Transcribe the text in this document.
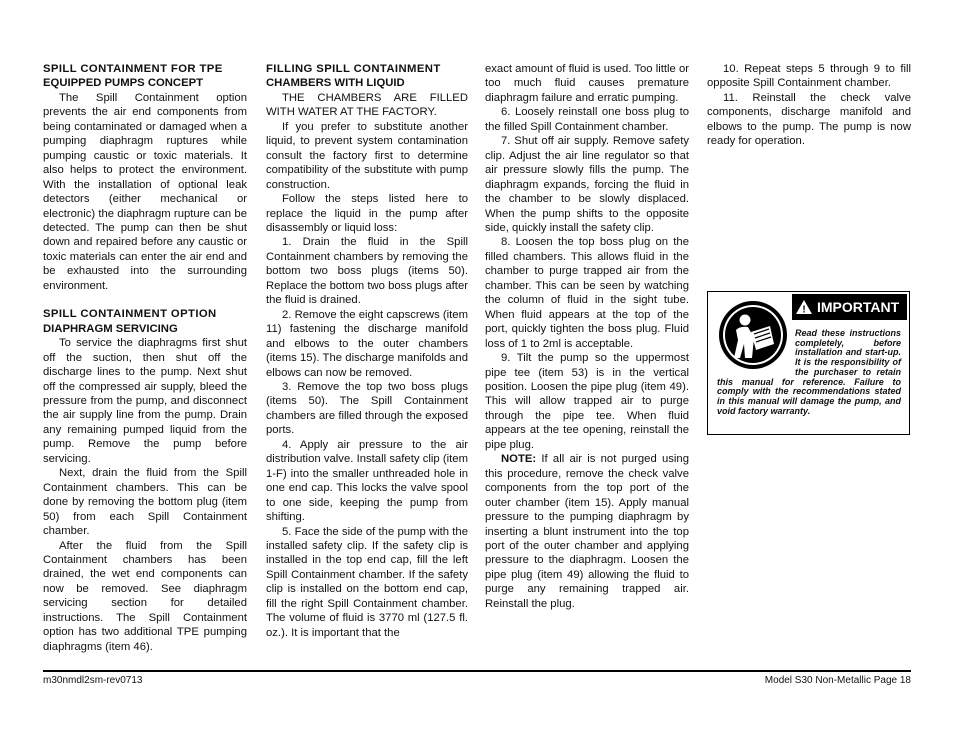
SPILL CONTAINMENT FOR TPE
EQUIPPED PUMPS CONCEPT

The Spill Containment option prevents the air end components from being contaminated or damaged when a pumping diaphragm ruptures while pumping caustic or toxic materials. It also helps to protect the environment. With the installation of optional leak detectors (either mechanical or electronic) the diaphragm rupture can be detected. The pump can then be shut down and repaired before any caustic or toxic materials can enter the air end and be exhausted into the surrounding environment.

SPILL CONTAINMENT OPTION
DIAPHRAGM SERVICING

To service the diaphragms first shut off the suction, then shut off the discharge lines to the pump. Next shut off the compressed air supply, bleed the pressure from the pump, and disconnect the air supply line from the pump. Drain any remaining pumped liquid from the pump. Remove the pump before servicing.

Next, drain the fluid from the Spill Containment chambers. This can be done by removing the bottom plug (item 50) from each Spill Containment chamber.

After the fluid from the Spill Containment chambers has been drained, the wet end components can now be removed. See diaphragm servicing section for detailed instructions. The Spill Containment option has two additional TPE pumping diaphragms (item 46).

FILLING SPILL CONTAINMENT
CHAMBERS WITH LIQUID

THE CHAMBERS ARE FILLED WITH WATER AT THE FACTORY.

If you prefer to substitute another liquid, to prevent system contamination consult the factory first to determine compatibility of the substitute with pump construction.

Follow the steps listed here to replace the liquid in the pump after disassembly or liquid loss:

1. Drain the fluid in the Spill Containment chambers by removing the bottom two boss plugs (items 50). Replace the bottom two boss plugs after the fluid is drained.

2. Remove the eight capscrews (item 11) fastening the discharge manifold and elbows to the outer chambers (items 15). The discharge manifolds and elbows can now be removed.

3. Remove the top two boss plugs (items 50). The Spill Containment chambers are filled through the exposed ports.

4. Apply air pressure to the air distribution valve. Install safety clip (item 1-F) into the smaller unthreaded hole in one end cap. This locks the valve spool to one side, keeping the pump from shifting.

5. Face the side of the pump with the installed safety clip. If the safety clip is installed in the top end cap, fill the left Spill Containment chamber. If the safety clip is installed on the bottom end cap, fill the right Spill Containment chamber. The volume of fluid is 3770 ml (127.5 fl. oz.). It is important that the

exact amount of fluid is used. Too little or too much fluid causes premature diaphragm failure and erratic pumping.

6. Loosely reinstall one boss plug to the filled Spill Containment chamber.

7. Shut off air supply. Remove safety clip. Adjust the air line regulator so that air pressure slowly fills the pump. The diaphragm expands, forcing the fluid in the chamber to be slowly displaced. When the pump shifts to the opposite side, quickly install the safety clip.

8. Loosen the top boss plug on the filled chambers. This allows fluid in the chamber to purge trapped air from the chamber. This can be seen by watching the column of fluid in the sight tube. When fluid appears at the top of the port, quickly tighten the boss plug. Fluid loss of 1 to 2ml is acceptable.

9. Tilt the pump so the uppermost pipe tee (item 53) is in the vertical position. Loosen the pipe plug (item 49). This will allow trapped air to purge through the pipe tee. When fluid appears at the tee opening, reinstall the pipe plug.

NOTE: If all air is not purged using this procedure, remove the check valve components from the top port of the outer chamber (item 15). Apply manual pressure to the pumping diaphragm by inserting a blunt instrument into the top port of the outer chamber and applying pressure to the diaphragm. Loosen the pipe plug (item 49) allowing the fluid to purge any remaining trapped air. Reinstall the plug.

10. Repeat steps 5 through 9 to fill opposite Spill Containment chamber.

11. Reinstall the check valve components, discharge manifold and elbows to the pump. The pump is now ready for operation.

! IMPORTANT
Read these instructions completely, before installation and start-up. It is the responsibility of the purchaser to retain this manual for reference. Failure to comply with the recommendations stated in this manual will damage the pump, and void factory warranty.
m30nmdl2sm-rev0713	Model S30 Non-Metallic Page 18
